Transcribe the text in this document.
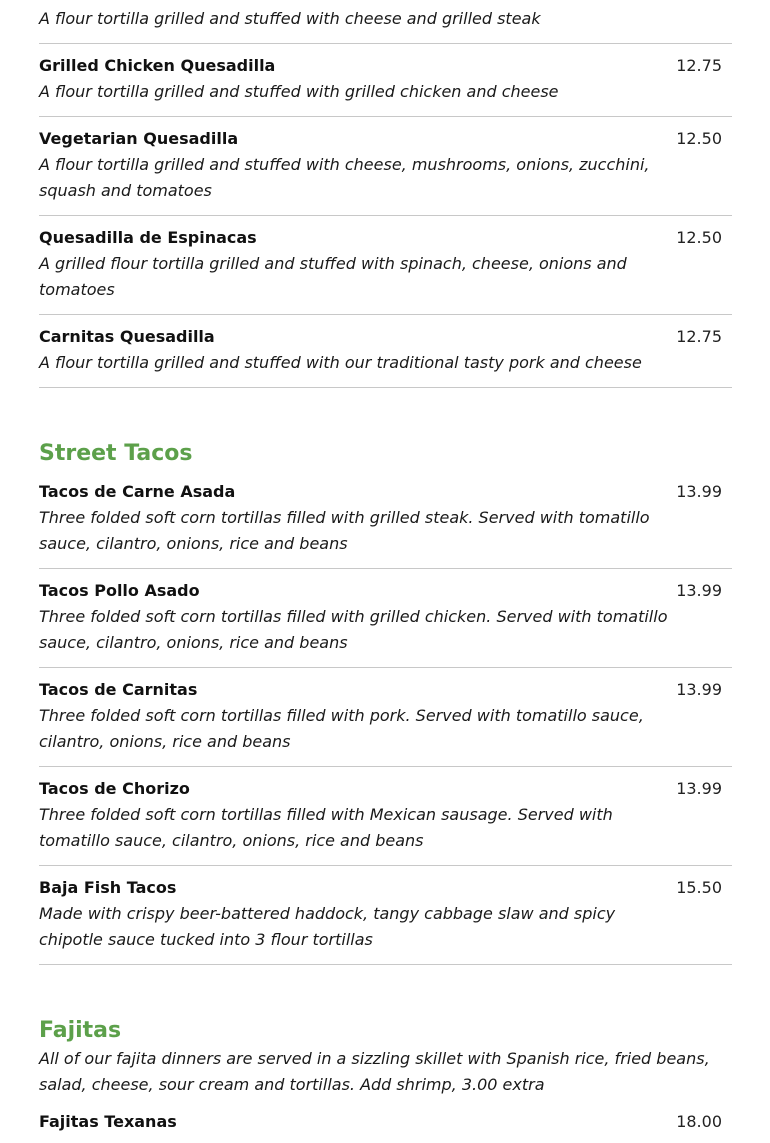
A flour tortilla grilled and stuffed with cheese and grilled steak
Grilled Chicken Quesadilla	12.75
A flour tortilla grilled and stuffed with grilled chicken and cheese
Vegetarian Quesadilla	12.50
A flour tortilla grilled and stuffed with cheese, mushrooms, onions, zucchini, squash and tomatoes
Quesadilla de Espinacas	12.50
A grilled flour tortilla grilled and stuffed with spinach, cheese, onions and tomatoes
Carnitas Quesadilla	12.75
A flour tortilla grilled and stuffed with our traditional tasty pork and cheese
Street Tacos
Tacos de Carne Asada	13.99
Three folded soft corn tortillas filled with grilled steak. Served with tomatillo sauce, cilantro, onions, rice and beans
Tacos Pollo Asado	13.99
Three folded soft corn tortillas filled with grilled chicken. Served with tomatillo sauce, cilantro, onions, rice and beans
Tacos de Carnitas	13.99
Three folded soft corn tortillas filled with pork. Served with tomatillo sauce, cilantro, onions, rice and beans
Tacos de Chorizo	13.99
Three folded soft corn tortillas filled with Mexican sausage. Served with tomatillo sauce, cilantro, onions, rice and beans
Baja Fish Tacos	15.50
Made with crispy beer-battered haddock, tangy cabbage slaw and spicy chipotle sauce tucked into 3 flour tortillas
Fajitas
All of our fajita dinners are served in a sizzling skillet with Spanish rice, fried beans, salad, cheese, sour cream and tortillas. Add shrimp, 3.00 extra
Fajitas Texanas	18.00
